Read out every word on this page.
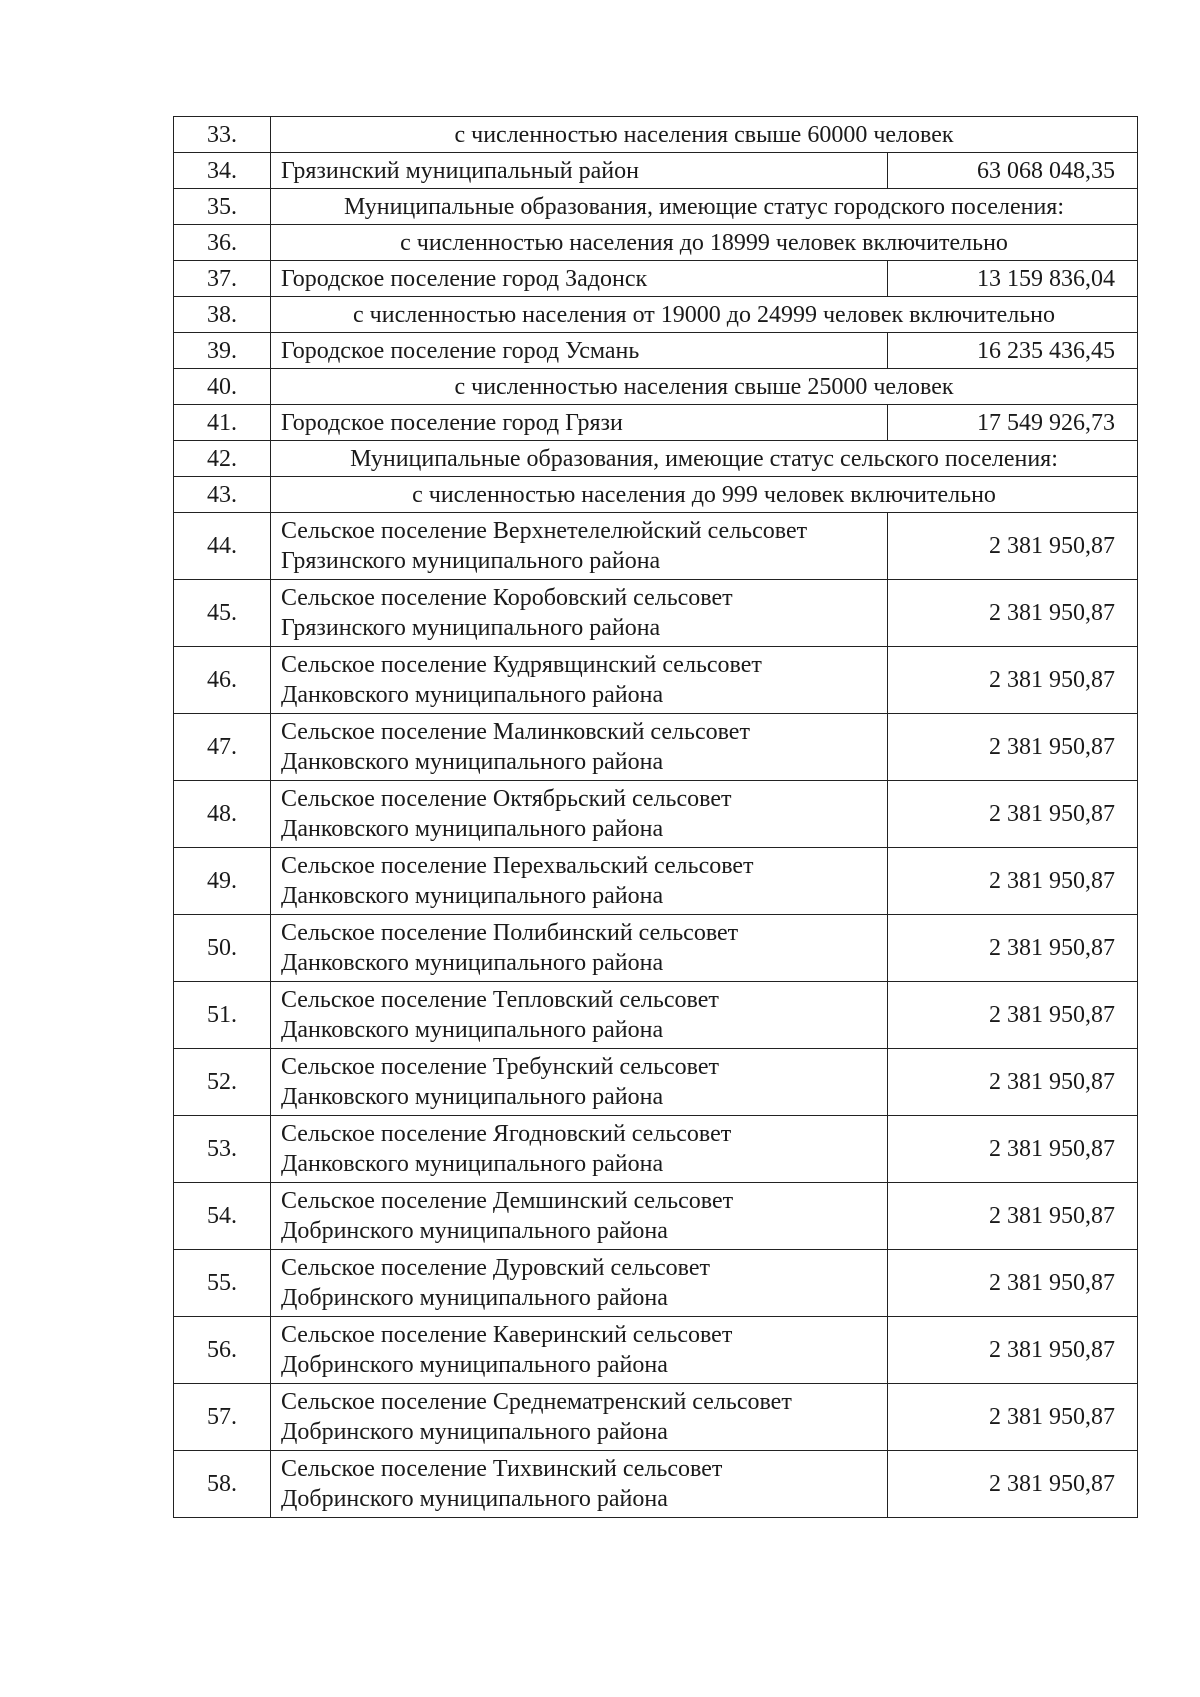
33.	с численностью населения свыше 60000 человек	
34.	Грязинский муниципальный район	63 068 048,35
35.	Муниципальные образования, имеющие статус городского поселения:	
36.	с численностью населения до 18999 человек включительно	
37.	Городское поселение город Задонск	13 159 836,04
38.	с численностью населения от 19000 до 24999 человек включительно	
39.	Городское поселение город Усмань	16 235 436,45
40.	с численностью населения свыше 25000 человек	
41.	Городское поселение город Грязи	17 549 926,73
42.	Муниципальные образования, имеющие статус сельского поселения:	
43.	с численностью населения до 999 человек включительно	
44.	Сельское поселение Верхнетелелюйский сельсовет
Грязинского муниципального района	2 381 950,87
45.	Сельское поселение Коробовский сельсовет
Грязинского муниципального района	2 381 950,87
46.	Сельское поселение Кудрявщинский сельсовет
Данковского муниципального района	2 381 950,87
47.	Сельское поселение Малинковский сельсовет
Данковского муниципального района	2 381 950,87
48.	Сельское поселение Октябрьский сельсовет
Данковского муниципального района	2 381 950,87
49.	Сельское поселение Перехвальский сельсовет
Данковского муниципального района	2 381 950,87
50.	Сельское поселение Полибинский сельсовет
Данковского муниципального района	2 381 950,87
51.	Сельское поселение Тепловский сельсовет
Данковского муниципального района	2 381 950,87
52.	Сельское поселение Требунский сельсовет
Данковского муниципального района	2 381 950,87
53.	Сельское поселение Ягодновский сельсовет
Данковского муниципального района	2 381 950,87
54.	Сельское поселение Демшинский сельсовет
Добринского муниципального района	2 381 950,87
55.	Сельское поселение Дуровский сельсовет
Добринского муниципального района	2 381 950,87
56.	Сельское поселение Каверинский сельсовет
Добринского муниципального района	2 381 950,87
57.	Сельское поселение Среднематренский сельсовет
Добринского муниципального района	2 381 950,87
58.	Сельское поселение Тихвинский сельсовет
Добринского муниципального района	2 381 950,87
